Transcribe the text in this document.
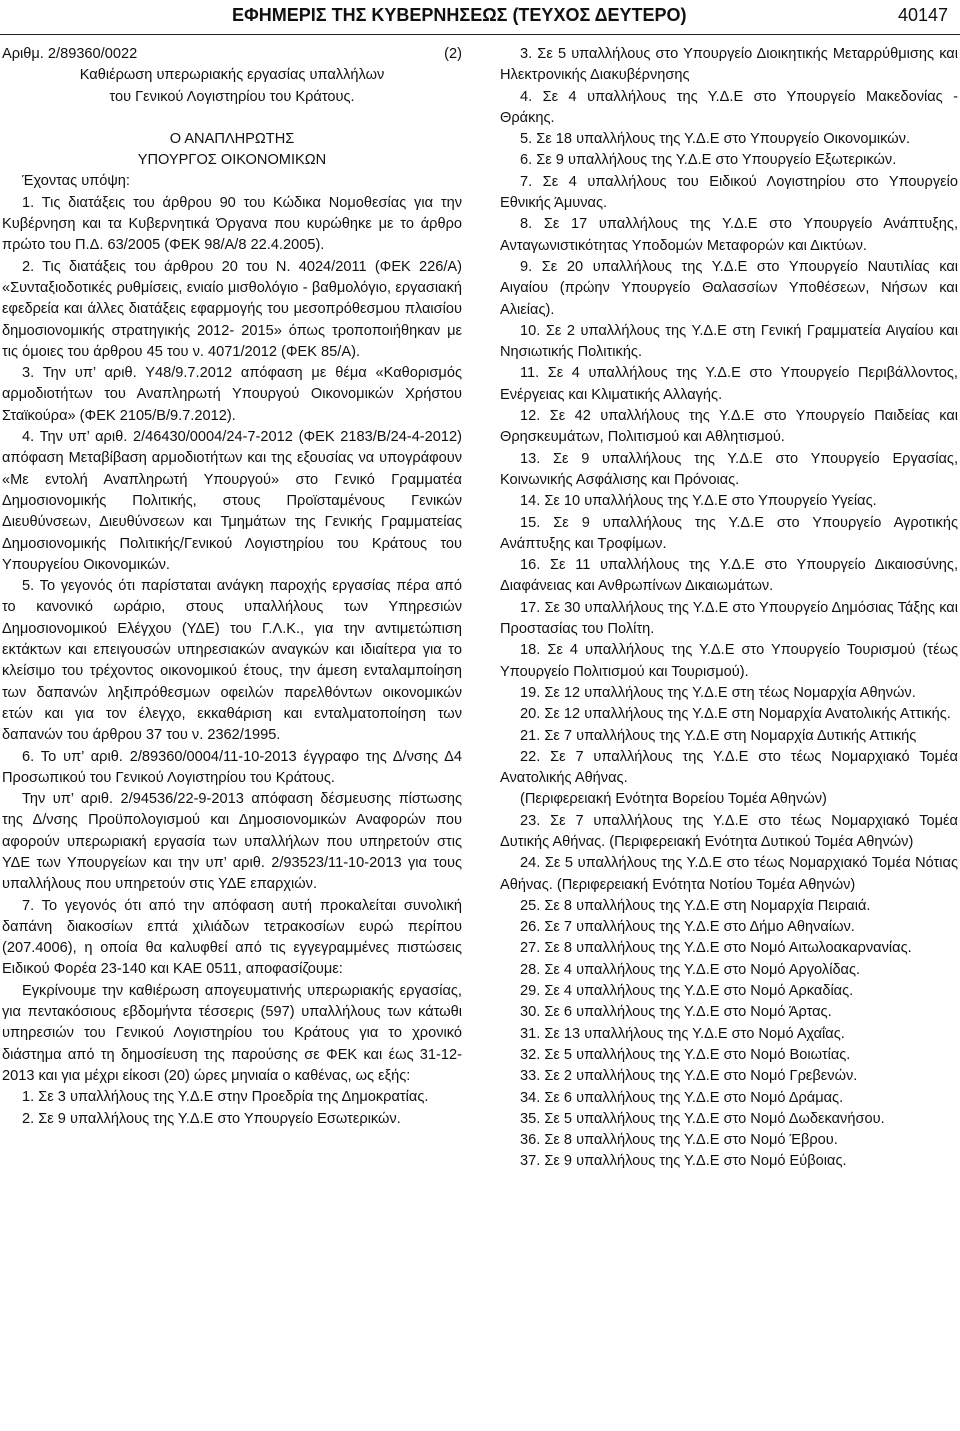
ΕΦΗΜΕΡΙΣ ΤΗΣ ΚΥΒΕΡΝΗΣΕΩΣ (ΤΕΥΧΟΣ ΔΕΥΤΕΡΟ)	40147
Αριθμ. 2/89360/0022	(2)

Καθιέρωση υπερωριακής εργασίας υπαλλήλων

του Γενικού Λογιστηρίου του Κράτους.

Ο ΑΝΑΠΛΗΡΩΤΗΣ

ΥΠΟΥΡΓΟΣ ΟΙΚΟΝΟΜΙΚΩΝ

Έχοντας υπόψη:

1. Τις διατάξεις του άρθρου 90 του Κώδικα Νομοθεσίας για την Κυβέρνηση και τα Κυβερνητικά Όργανα που κυρώθηκε με το άρθρο πρώτο του Π.Δ. 63/2005 (ΦΕΚ 98/Α/8 22.4.2005).

2. Τις διατάξεις του άρθρου 20 του Ν. 4024/2011 (ΦΕΚ 226/Α) «Συνταξιοδοτικές ρυθμίσεις, ενιαίο μισθολόγιο - βαθμολόγιο, εργασιακή εφεδρεία και άλλες διατάξεις εφαρμογής του μεσοπρόθεσμου πλαισίου δημοσιονομικής στρατηγικής 2012- 2015» όπως τροποποιήθηκαν με τις όμοιες του άρθρου 45 του ν. 4071/2012 (ΦΕΚ 85/Α).

3. Την υπ’ αριθ. Υ48/9.7.2012 απόφαση με θέμα «Καθορισμός αρμοδιοτήτων του Αναπληρωτή Υπουργού Οικονομικών Χρήστου Σταϊκούρα» (ΦΕΚ 2105/Β/9.7.2012).

4. Την υπ’ αριθ. 2/46430/0004/24-7-2012 (ΦΕΚ 2183/Β/24-4-2012) απόφαση Μεταβίβαση αρμοδιοτήτων και της εξουσίας να υπογράφουν «Με εντολή Αναπληρωτή Υπουργού» στο Γενικό Γραμματέα Δημοσιονομικής Πολιτικής, στους Προϊσταμένους Γενικών Διευθύνσεων, Διευθύνσεων και Τμημάτων της Γενικής Γραμματείας Δημοσιονομικής Πολιτικής/Γενικού Λογιστηρίου του Κράτους του Υπουργείου Οικονομικών.

5. Το γεγονός ότι παρίσταται ανάγκη παροχής εργασίας πέρα από το κανονικό ωράριο, στους υπαλλήλους των Υπηρεσιών Δημοσιονομικού Ελέγχου (ΥΔΕ) του Γ.Λ.Κ., για την αντιμετώπιση εκτάκτων και επειγουσών υπηρεσιακών αναγκών και ιδιαίτερα για το κλείσιμο του τρέχοντος οικονομικού έτους, την άμεση ενταλαμποίηση των δαπανών ληξιπρόθεσμων οφειλών παρελθόντων οικονομικών ετών και για τον έλεγχο, εκκαθάριση και ενταλματοποίηση των δαπανών του άρθρου 37 του ν. 2362/1995.

6. Το υπ’ αριθ. 2/89360/0004/11-10-2013 έγγραφο της Δ/νσης Δ4 Προσωπικού του Γενικού Λογιστηρίου του Κράτους.

Την υπ’ αριθ. 2/94536/22-9-2013 απόφαση δέσμευσης πίστωσης της Δ/νσης Προϋπολογισμού και Δημοσιονομικών Αναφορών που αφορούν υπερωριακή εργασία των υπαλλήλων που υπηρετούν στις ΥΔΕ των Υπουργείων και την υπ’ αριθ. 2/93523/11-10-2013 για τους υπαλλήλους που υπηρετούν στις ΥΔΕ επαρχιών.

7. Το γεγονός ότι από την απόφαση αυτή προκαλείται συνολική δαπάνη διακοσίων επτά χιλιάδων τετρακοσίων ευρώ περίπου (207.4006), η οποία θα καλυφθεί από τις εγγεγραμμένες πιστώσεις Ειδικού Φορέα 23-140 και ΚΑΕ 0511, αποφασίζουμε:

Εγκρίνουμε την καθιέρωση απογευματινής υπερωριακής εργασίας, για πεντακόσιους εβδομήντα τέσσερις (597) υπαλλήλους των κάτωθι υπηρεσιών του Γενικού Λογιστηρίου του Κράτους για το χρονικό διάστημα από τη δημοσίευση της παρούσης σε ΦΕΚ και έως 31-12-2013 και για μέχρι είκοσι (20) ώρες μηνιαία ο καθένας, ως εξής:

1. Σε 3 υπαλλήλους της Υ.Δ.Ε στην Προεδρία της Δημοκρατίας.

2. Σε 9 υπαλλήλους της Υ.Δ.Ε στο Υπουργείο Εσωτερικών.

3. Σε 5 υπαλλήλους στο Υπουργείο Διοικητικής Μεταρρύθμισης και Ηλεκτρονικής Διακυβέρνησης

4. Σε 4 υπαλλήλους της Υ.Δ.Ε στο Υπουργείο Μακεδονίας - Θράκης.

5. Σε 18 υπαλλήλους της Υ.Δ.Ε στο Υπουργείο Οικονομικών.

6. Σε 9 υπαλλήλους της Υ.Δ.Ε στο Υπουργείο Εξωτερικών.

7. Σε 4 υπαλλήλους του Ειδικού Λογιστηρίου στο Υπουργείο Εθνικής Άμυνας.

8. Σε 17 υπαλλήλους της Υ.Δ.Ε στο Υπουργείο Ανάπτυξης, Ανταγωνιστικότητας Υποδομών Μεταφορών και Δικτύων.

9. Σε 20 υπαλλήλους της Υ.Δ.Ε στο Υπουργείο Ναυτιλίας και Αιγαίου (πρώην Υπουργείο Θαλασσίων Υποθέσεων, Νήσων και Αλιείας).

10. Σε 2 υπαλλήλους της Υ.Δ.Ε στη Γενική Γραμματεία Αιγαίου και Νησιωτικής Πολιτικής.

11. Σε 4 υπαλλήλους της Υ.Δ.Ε στο Υπουργείο Περιβάλλοντος, Ενέργειας και Κλιματικής Αλλαγής.

12. Σε 42 υπαλλήλους της Υ.Δ.Ε στο Υπουργείο Παιδείας και Θρησκευμάτων, Πολιτισμού και Αθλητισμού.

13. Σε 9 υπαλλήλους της Υ.Δ.Ε στο Υπουργείο Εργασίας, Κοινωνικής Ασφάλισης και Πρόνοιας.

14. Σε 10 υπαλλήλους της Υ.Δ.Ε στο Υπουργείο Υγείας.

15. Σε 9 υπαλλήλους της Υ.Δ.Ε στο Υπουργείο Αγροτικής Ανάπτυξης και Τροφίμων.

16. Σε 11 υπαλλήλους της Υ.Δ.Ε στο Υπουργείο Δικαιοσύνης, Διαφάνειας και Ανθρωπίνων Δικαιωμάτων.

17. Σε 30 υπαλλήλους της Υ.Δ.Ε στο Υπουργείο Δημόσιας Τάξης και Προστασίας του Πολίτη.

18. Σε 4 υπαλλήλους της Υ.Δ.Ε στο Υπουργείο Τουρισμού (τέως Υπουργείο Πολιτισμού και Τουρισμού).

19. Σε 12 υπαλλήλους της Υ.Δ.Ε στη τέως Νομαρχία Αθηνών.

20. Σε 12 υπαλλήλους της Υ.Δ.Ε στη Νομαρχία Ανατολικής Αττικής.

21. Σε 7 υπαλλήλους της Υ.Δ.Ε στη Νομαρχία Δυτικής Αττικής

22. Σε 7 υπαλλήλους της Υ.Δ.Ε στο τέως Νομαρχιακό Τομέα Ανατολικής Αθήνας.

(Περιφερειακή Ενότητα Βορείου Τομέα Αθηνών)

23. Σε 7 υπαλλήλους της Υ.Δ.Ε στο τέως Νομαρχιακό Τομέα Δυτικής Αθήνας. (Περιφερειακή Ενότητα Δυτικού Τομέα Αθηνών)

24. Σε 5 υπαλλήλους της Υ.Δ.Ε στο τέως Νομαρχιακό Τομέα Νότιας Αθήνας. (Περιφερειακή Ενότητα Νοτίου Τομέα Αθηνών)

25. Σε 8 υπαλλήλους της Υ.Δ.Ε στη Νομαρχία Πειραιά.

26. Σε 7 υπαλλήλους της Υ.Δ.Ε στο Δήμο Αθηναίων.

27. Σε 8 υπαλλήλους της Υ.Δ.Ε στο Νομό Αιτωλοακαρνανίας.

28. Σε 4 υπαλλήλους της Υ.Δ.Ε στο Νομό Αργολίδας.

29. Σε 4 υπαλλήλους της Υ.Δ.Ε στο Νομό Αρκαδίας.

30. Σε 6 υπαλλήλους της Υ.Δ.Ε στο Νομό Άρτας.

31. Σε 13 υπαλλήλους της Υ.Δ.Ε στο Νομό Αχαΐας.

32. Σε 5 υπαλλήλους της Υ.Δ.Ε στο Νομό Βοιωτίας.

33. Σε 2 υπαλλήλους της Υ.Δ.Ε στο Νομό Γρεβενών.

34. Σε 6 υπαλλήλους της Υ.Δ.Ε στο Νομό Δράμας.

35. Σε 5 υπαλλήλους της Υ.Δ.Ε στο Νομό Δωδεκανήσου.

36. Σε 8 υπαλλήλους της Υ.Δ.Ε στο Νομό Έβρου.

37. Σε 9 υπαλλήλους της Υ.Δ.Ε στο Νομό Εύβοιας.
